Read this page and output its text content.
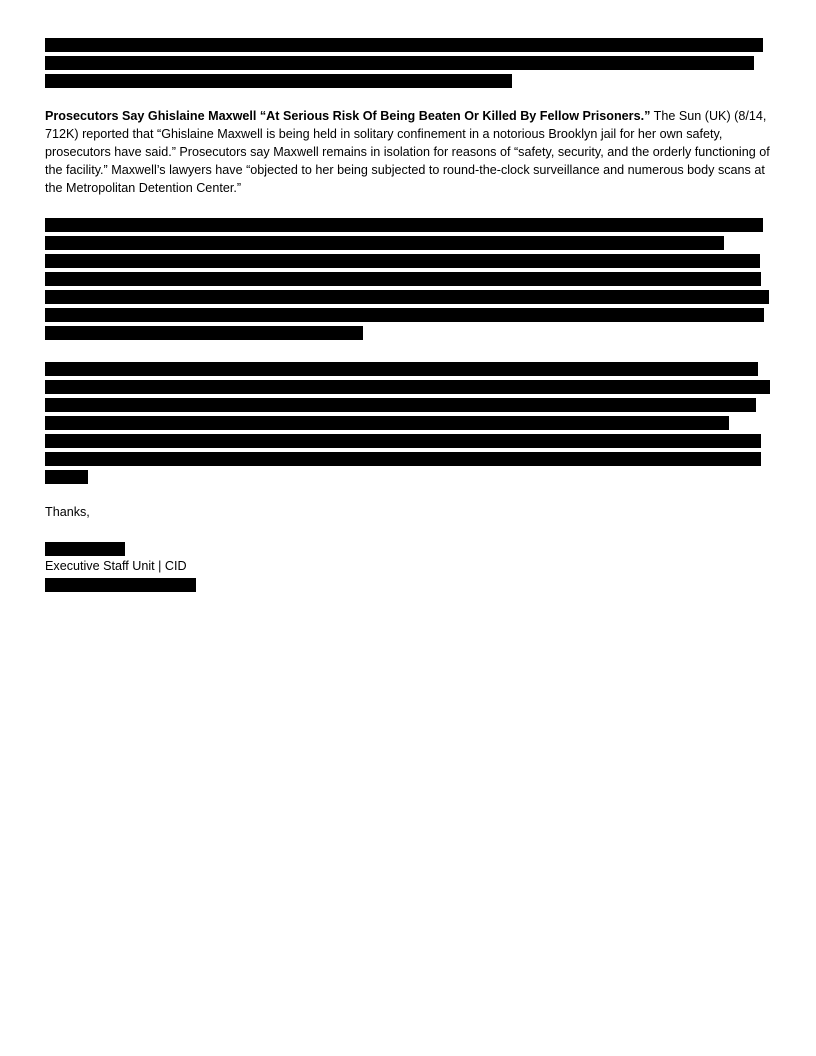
Prosecutors Say Ghislaine Maxwell “At Serious Risk Of Being Beaten Or Killed By Fellow Prisoners.” The Sun (UK) (8/14, 712K) reported that “Ghislaine Maxwell is being held in solitary confinement in a notorious Brooklyn jail for her own safety, prosecutors have said.” Prosecutors say Maxwell remains in isolation for reasons of “safety, security, and the orderly functioning of the facility.” Maxwell’s lawyers have “objected to her being subjected to round-the-clock surveillance and numerous body scans at the Metropolitan Detention Center.”

Thanks,
Executive Staff Unit | CID
